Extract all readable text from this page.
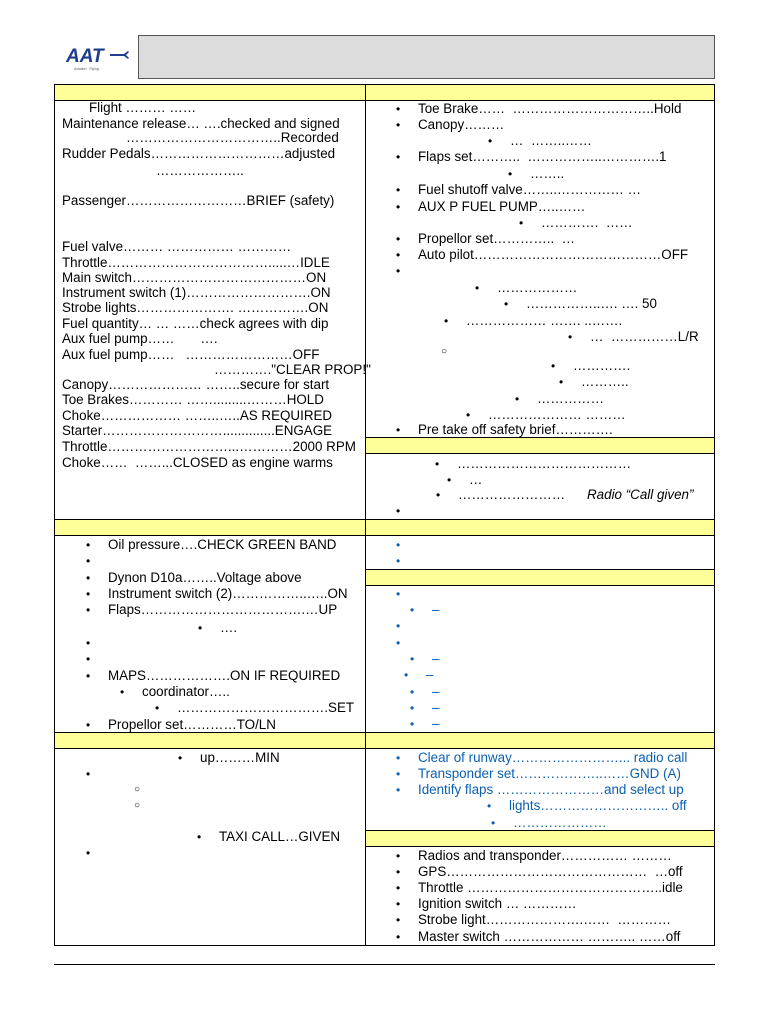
AAT
Aviation · Flying
Flight ……… ……
Maintenance release… ….checked and signed
……………………………..Recorded
Rudder Pedals…………………………adjusted
………………..
Passenger………………………BRIEF (safety)
Fuel valve……… …………… …………
Throttle……………………………….....…IDLE
Main switch…………………………………ON
Instrument switch (1)……………………….ON
Strobe lights…………………. …………….ON
Fuel quantity… … ……check agrees with dip
Aux fuel pump……       ….
Aux fuel pump……   ……………………OFF
…………."CLEAR PROP!"
Canopy………………… ……..secure for start
Toe Brakes………… …….........………HOLD
Choke……………… ……..…..AS REQUIRED
Starter………………………..............ENGAGE
Throttle………………………...…………2000 RPM
Choke……  ……...CLOSED as engine warms
• Toe Brake……  …………………………..Hold
• Canopy………
• …  ……..……
• Flaps set………..  ……………..………….1
• ……..
• Fuel shutoff valve……..…………… …
• AUX P FUEL PUMP…..……
• ………….  ……
• Propellor set…………..  …
• Auto pilot……………………………………OFF
• ………………
• ……………..…. …. 50
• ……………… ……. ..…….
• …  ……………L/R
• ………….
• ………..
• ……………
• ………………… ………
• Pre take off safety brief………….
• …………………………………
• …
• …………………… Radio “Call given”
• Oil pressure….CHECK GREEN BAND
• Dynon D10a……..Voltage above
• Instrument switch (2)……………..…..ON
• Flaps……………………………….…UP
• ….
• MAPS……………….ON IF REQUIRED
• coordinator…..
• …………………………….SET
• Propellor set…………TO/LN
• –
• –
• –
• –
• –
• –
• up………MIN
• TAXI CALL…GIVEN
• Clear of runway……………………... radio call
• Transponder set………………..……GND (A)
• Identify flaps ……………………and select up
• lights……………………….. off
• …………………
• Radios and transponder…………… ………
• GPS………………………………………  …off
• Throttle ……………………………………..idle
• Ignition switch … …………
• Strobe light………………….……  …………
• Master switch ……………… ……….. ……off
